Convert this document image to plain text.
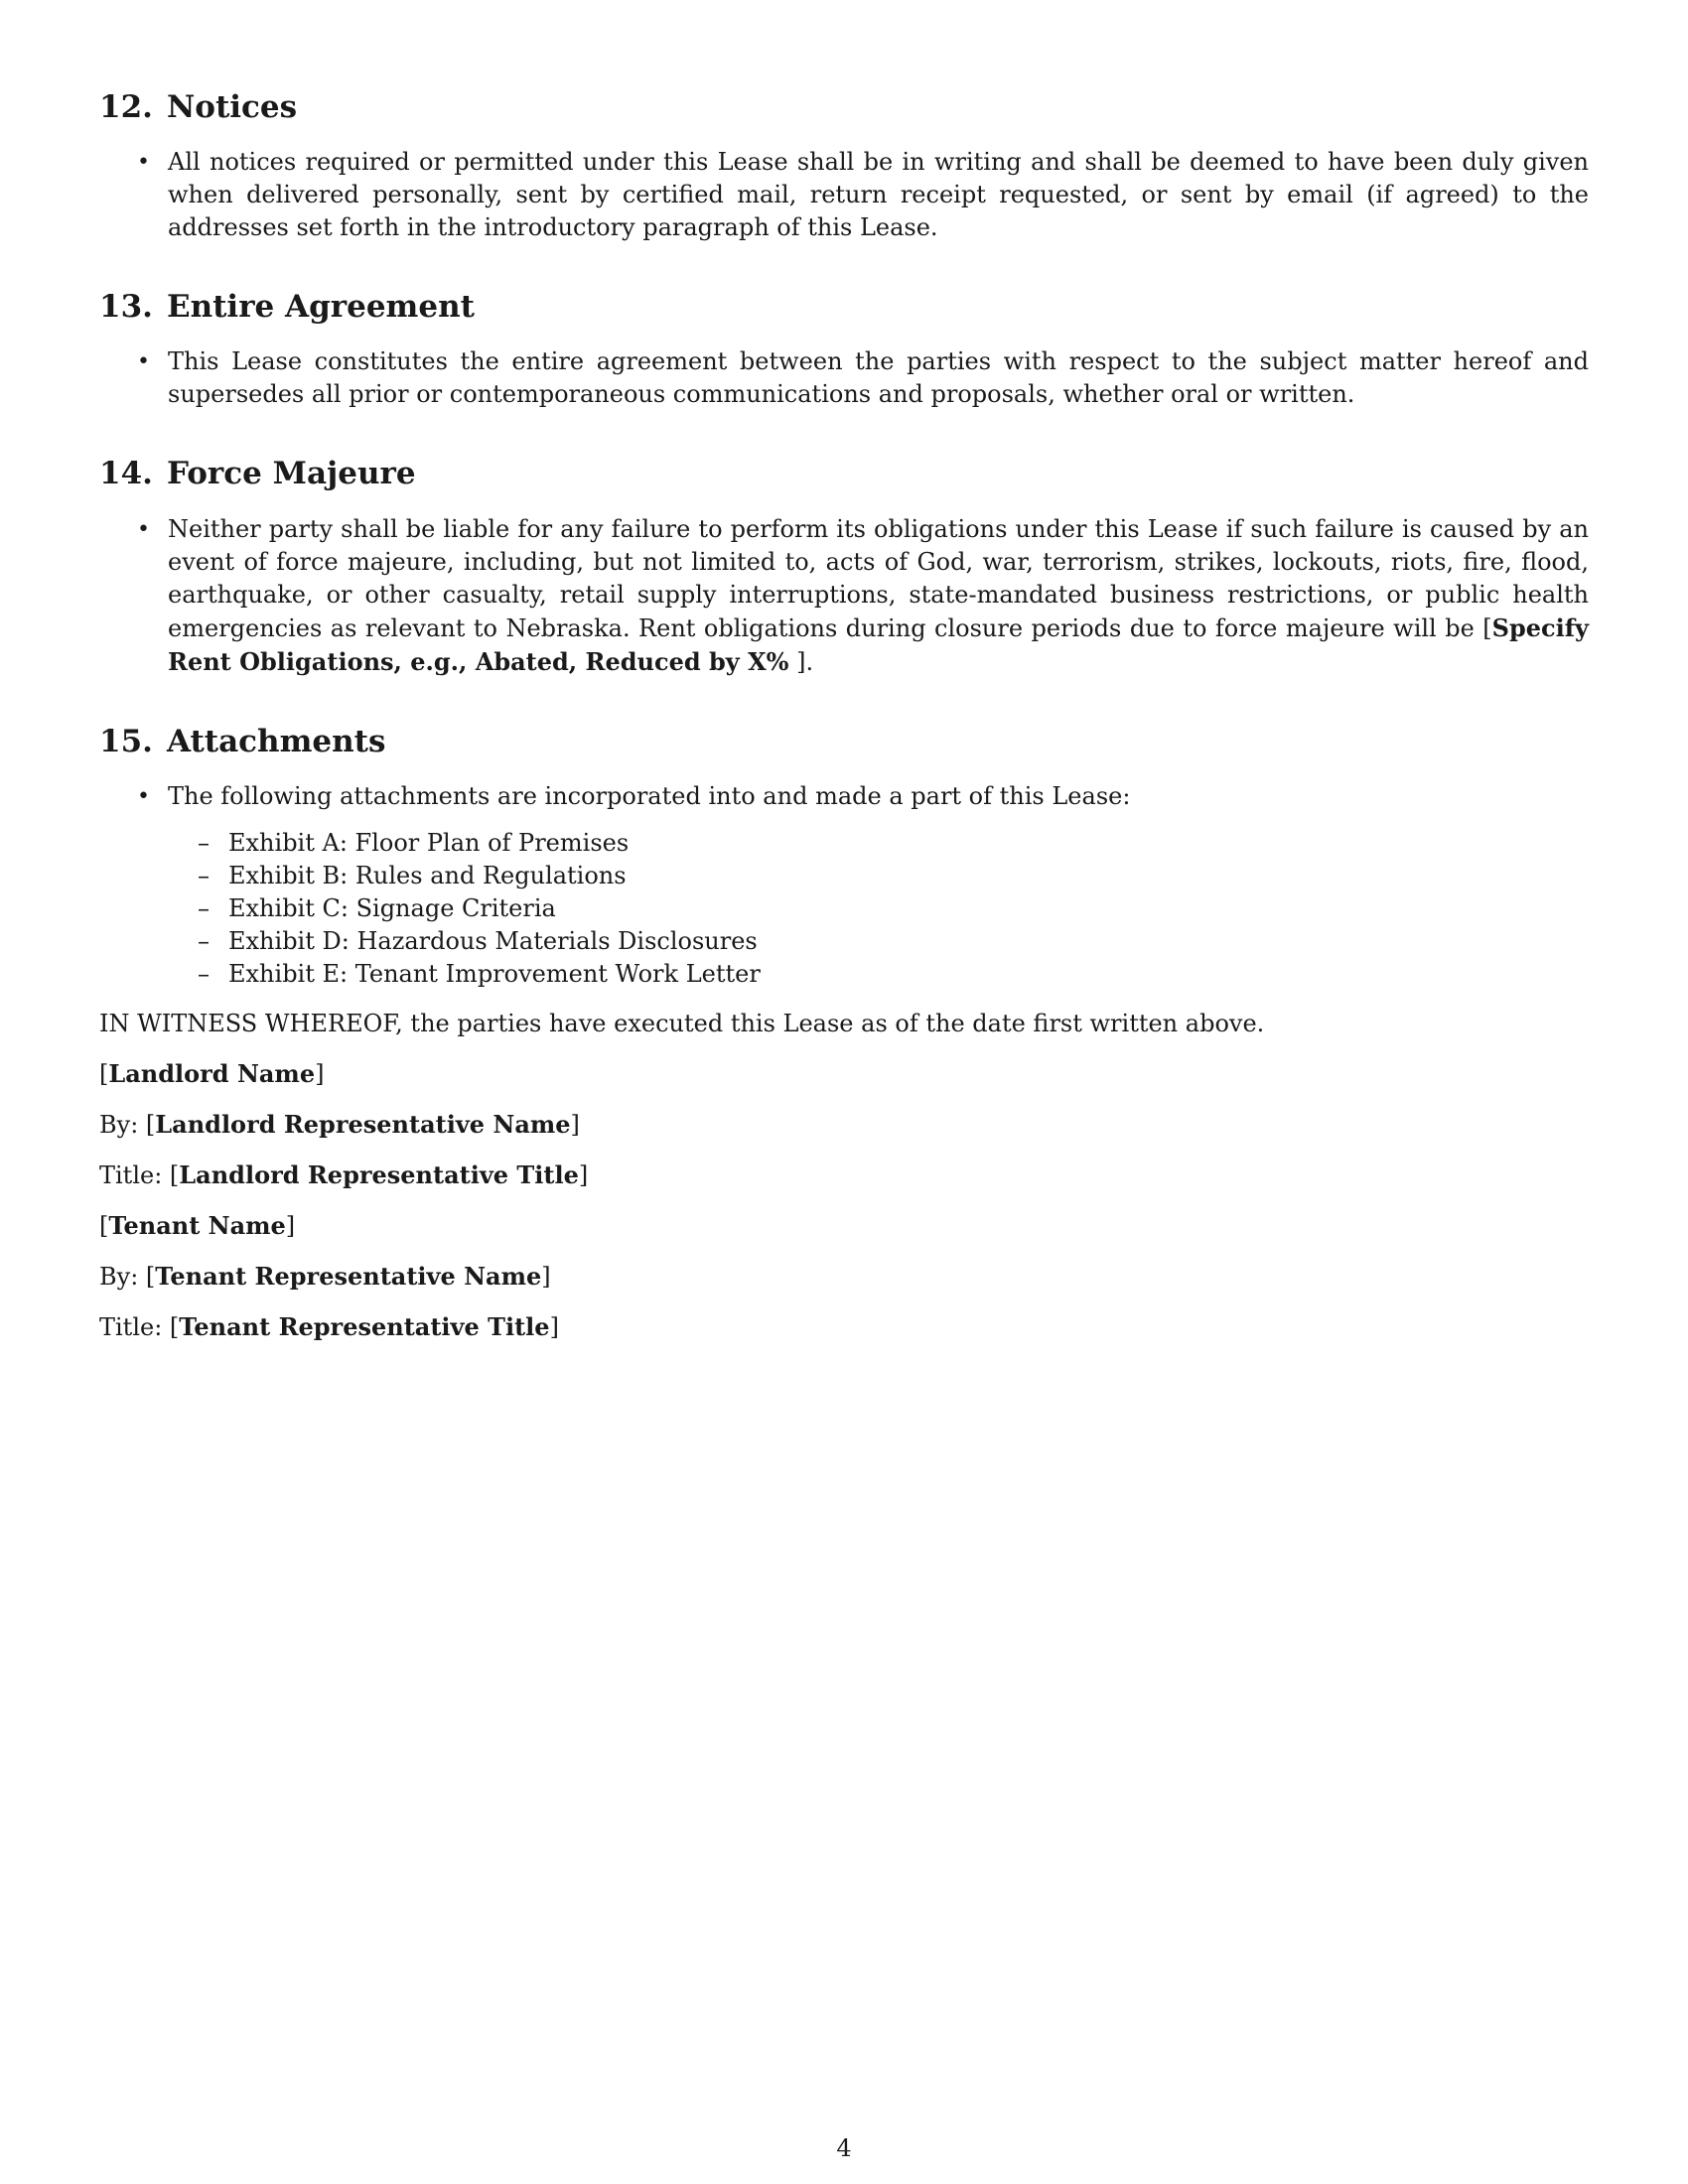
12. Notices
• All notices required or permitted under this Lease shall be in writing and shall be deemed to have been duly given when delivered personally, sent by certified mail, return receipt requested, or sent by email (if agreed) to the addresses set forth in the introductory paragraph of this Lease.
13. Entire Agreement
• This Lease constitutes the entire agreement between the parties with respect to the subject matter hereof and supersedes all prior or contemporaneous communications and proposals, whether oral or written.
14. Force Majeure
• Neither party shall be liable for any failure to perform its obligations under this Lease if such failure is caused by an event of force majeure, including, but not limited to, acts of God, war, terrorism, strikes, lockouts, riots, fire, flood, earthquake, or other casualty, retail supply interruptions, state-mandated business restrictions, or public health emergencies as relevant to Nebraska. Rent obligations during closure periods due to force majeure will be [Specify Rent Obligations, e.g., Abated, Reduced by X% ].
15. Attachments
• The following attachments are incorporated into and made a part of this Lease:
– Exhibit A: Floor Plan of Premises
– Exhibit B: Rules and Regulations
– Exhibit C: Signage Criteria
– Exhibit D: Hazardous Materials Disclosures
– Exhibit E: Tenant Improvement Work Letter
IN WITNESS WHEREOF, the parties have executed this Lease as of the date first written above.
[Landlord Name]
By: [Landlord Representative Name]
Title: [Landlord Representative Title]
[Tenant Name]
By: [Tenant Representative Name]
Title: [Tenant Representative Title]
4
